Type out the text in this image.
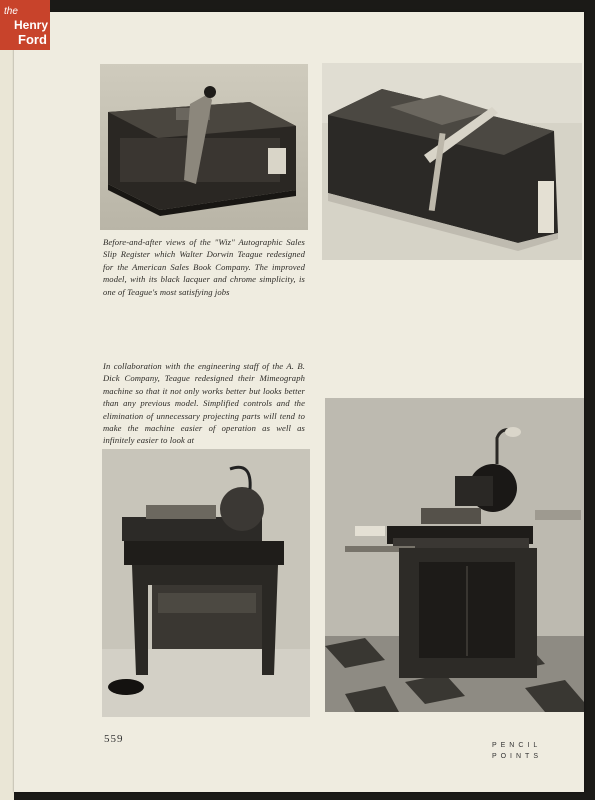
the
Henry
Ford

Before-and-after views of the "Wiz" Autographic Sales Slip Register which Walter Dorwin Teague redesigned for the American Sales Book Company. The improved model, with its black lacquer and chrome simplicity, is one of Teague's most satisfying jobs

In collaboration with the engineering staff of the A. B. Dick Company, Teague redesigned their Mimeograph machine so that it not only works better but looks better than any previous model. Simplified controls and the elimination of unnecessary projecting parts will tend to make the machine easier of operation as well as infinitely easier to look at

559
PENCIL
POINTS
